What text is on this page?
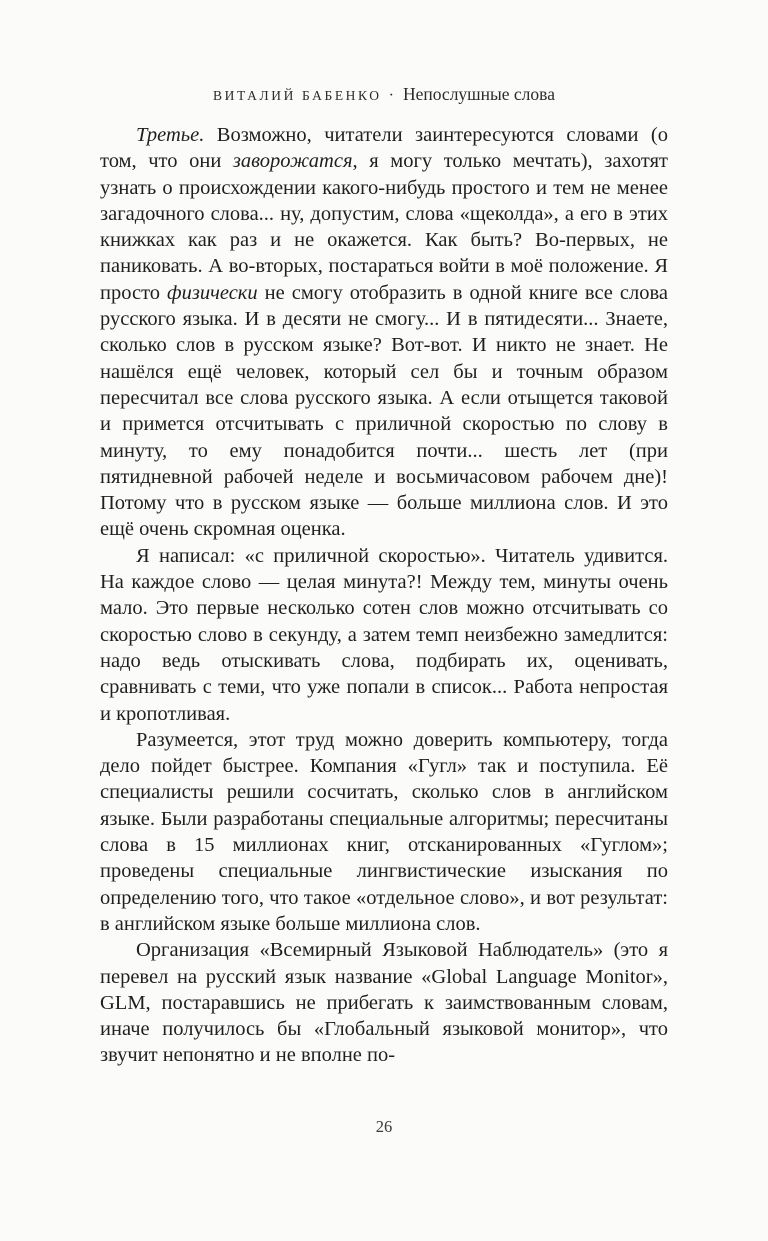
ВИТАЛИЙ БАБЕНКО · Непослушные слова

Третье. Возможно, читатели заинтересуются словами (о том, что они заворожатся, я могу только мечтать), захотят узнать о происхождении какого-нибудь простого и тем не менее загадочного слова... ну, допустим, слова «щеколда», а его в этих книжках как раз и не окажется. Как быть? Во-первых, не паниковать. А во-вторых, постараться войти в моё положение. Я просто физически не смогу отобразить в одной книге все слова русского языка. И в десяти не смогу... И в пятидесяти... Знаете, сколько слов в русском языке? Вот-вот. И никто не знает. Не нашёлся ещё человек, который сел бы и точным образом пересчитал все слова русского языка. А если отыщется таковой и примется отсчитывать с приличной скоростью по слову в минуту, то ему понадобится почти... шесть лет (при пятидневной рабочей неделе и восьмичасовом рабочем дне)! Потому что в русском языке — больше миллиона слов. И это ещё очень скромная оценка.

Я написал: «с приличной скоростью». Читатель удивится. На каждое слово — целая минута?! Между тем, минуты очень мало. Это первые несколько сотен слов можно отсчитывать со скоростью слово в секунду, а затем темп неизбежно замедлится: надо ведь отыскивать слова, подбирать их, оценивать, сравнивать с теми, что уже попали в список... Работа непростая и кропотливая.

Разумеется, этот труд можно доверить компьютеру, тогда дело пойдет быстрее. Компания «Гугл» так и поступила. Её специалисты решили сосчитать, сколько слов в английском языке. Были разработаны специальные алгоритмы; пересчитаны слова в 15 миллионах книг, отсканированных «Гуглом»; проведены специальные лингвистические изыскания по определению того, что такое «отдельное слово», и вот результат: в английском языке больше миллиона слов.

Организация «Всемирный Языковой Наблюдатель» (это я перевел на русский язык название «Global Language Monitor», GLM, постаравшись не прибегать к заимствованным словам, иначе получилось бы «Глобальный языковой монитор», что звучит непонятно и не вполне по-

26
